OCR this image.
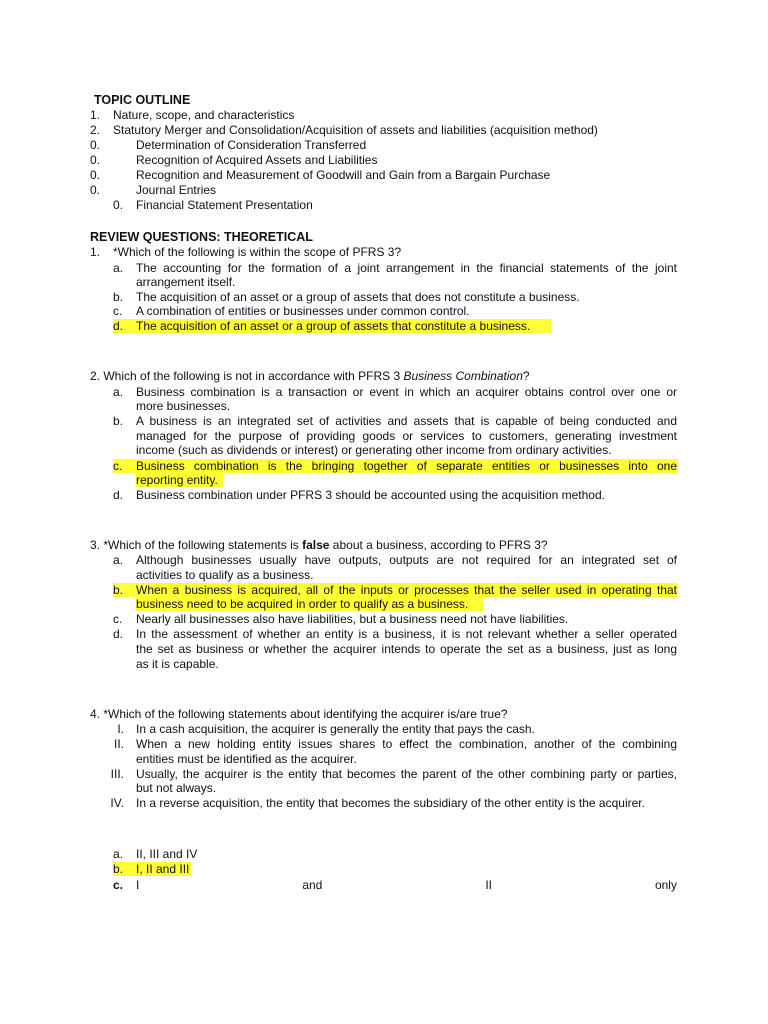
TOPIC OUTLINE
1. Nature, scope, and characteristics
2. Statutory Merger and Consolidation/Acquisition of assets and liabilities (acquisition method)
0.	Determination of Consideration Transferred
0.	Recognition of Acquired Assets and Liabilities
0.	Recognition and Measurement of Goodwill and Gain from a Bargain Purchase
0.	Journal Entries
0. Financial Statement Presentation
REVIEW QUESTIONS: THEORETICAL
1. *Which of the following is within the scope of PFRS 3?
a. The accounting for the formation of a joint arrangement in the financial statements of the joint
arrangement itself.
b. The acquisition of an asset or a group of assets that does not constitute a business.
c. A combination of entities or businesses under common control.
d. The acquisition of an asset or a group of assets that constitute a business.
2. Which of the following is not in accordance with PFRS 3 Business Combination?
a. Business combination is a transaction or event in which an acquirer obtains control over one or
more businesses.
b. A business is an integrated set of activities and assets that is capable of being conducted and
managed for the purpose of providing goods or services to customers, generating investment
income (such as dividends or interest) or generating other income from ordinary activities.
c. Business combination is the bringing together of separate entities or businesses into one
reporting entity.
d. Business combination under PFRS 3 should be accounted using the acquisition method.
3. *Which of the following statements is false about a business, according to PFRS 3?
a. Although businesses usually have outputs, outputs are not required for an integrated set of
activities to qualify as a business.
b. When a business is acquired, all of the inputs or processes that the seller used in operating that
business need to be acquired in order to qualify as a business.
c. Nearly all businesses also have liabilities, but a business need not have liabilities.
d. In the assessment of whether an entity is a business, it is not relevant whether a seller operated
the set as business or whether the acquirer intends to operate the set as a business, just as long
as it is capable.
4. *Which of the following statements about identifying the acquirer is/are true?
I. In a cash acquisition, the acquirer is generally the entity that pays the cash.
II. When a new holding entity issues shares to effect the combination, another of the combining
entities must be identified as the acquirer.
III. Usually, the acquirer is the entity that becomes the parent of the other combining party or parties,
but not always.
IV. In a reverse acquisition, the entity that becomes the subsidiary of the other entity is the acquirer.
a. II, III and IV
b. I, II and III
c. I	and	II	only
